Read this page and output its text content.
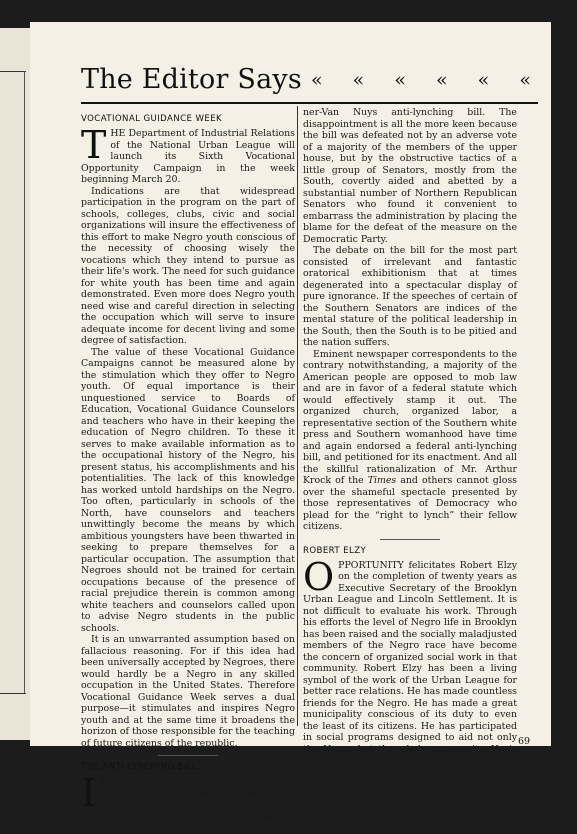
The Editor Says « « « « « «
VOCATIONAL GUIDANCE WEEK

THE Department of Industrial Relations of the National Urban League will launch its Sixth Vocational Opportunity Campaign in the week beginning March 20.

Indications are that widespread participation in the program on the part of schools, colleges, clubs, civic and social organizations will insure the effectiveness of this effort to make Negro youth conscious of the necessity of choosing wisely the vocations which they intend to pursue as their life's work. The need for such guidance for white youth has been time and again demonstrated. Even more does Negro youth need wise and careful direction in selecting the occupation which will serve to insure adequate income for decent living and some degree of satisfaction.

The value of these Vocational Guidance Campaigns cannot be measured alone by the stimulation which they offer to Negro youth. Of equal importance is their unquestioned service to Boards of Education, Vocational Guidance Counselors and teachers who have in their keeping the education of Negro children. To these it serves to make available information as to the occupational history of the Negro, his present status, his accomplishments and his potentialities. The lack of this knowledge has worked untold hardships on the Negro. Too often, particularly in schools of the North, have counselors and teachers unwittingly become the means by which ambitious youngsters have been thwarted in seeking to prepare themselves for a particular occupation. The assumption that Negroes should not be trained for certain occupations because of the presence of racial prejudice therein is common among white teachers and counselors called upon to advise Negro students in the public schools.

It is an unwarranted assumption based on fallacious reasoning. For if this idea had been universally accepted by Negroes, there would hardly be a Negro in any skilled occupation in the United States. Therefore Vocational Guidance Week serves a dual purpose—it stimulates and inspires Negro youth and at the same time it broadens the horizon of those responsible for the teaching of future citizens of the republic.

THE ANTI-LYNCHING BILL

I T would do no good to attempt to conceal the disappointment which great numbers of Americans, both black and white, feel over the failure of the Senate to pass the Wag-

ner-Van Nuys anti-lynching bill. The disappointment is all the more keen because the bill was defeated not by an adverse vote of a majority of the members of the upper house, but by the obstructive tactics of a little group of Senators, mostly from the South, covertly aided and abetted by a substantial number of Northern Republican Senators who found it convenient to embarrass the administration by placing the blame for the defeat of the measure on the Democratic Party.

The debate on the bill for the most part consisted of irrelevant and fantastic oratorical exhibitionism that at times degenerated into a spectacular display of pure ignorance. If the speeches of certain of the Southern Senators are indices of the mental stature of the political leadership in the South, then the South is to be pitied and the nation suffers.

Eminent newspaper correspondents to the contrary notwithstanding, a majority of the American people are opposed to mob law and are in favor of a federal statute which would effectively stamp it out. The organized church, organized labor, a representative section of the Southern white press and Southern womanhood have time and again endorsed a federal anti-lynching bill, and petitioned for its enactment. And all the skillful rationalization of Mr. Arthur Krock of the Times and others cannot gloss over the shameful spectacle presented by those representatives of Democracy who plead for the “right to lynch” their fellow citizens.

ROBERT ELZY

OPPORTUNITY felicitates Robert Elzy on the completion of twenty years as Executive Secretary of the Brooklyn Urban League and Lincoln Settlement. It is not difficult to evaluate his work. Through his efforts the level of Negro life in Brooklyn has been raised and the socially maladjusted members of the Negro race have become the concern of organized social work in that community. Robert Elzy has been a living symbol of the work of the Urban League for better race relations. He has made countless friends for the Negro. He has made a great municipality conscious of its duty to even the least of its citizens. He has participated in social programs designed to aid not only the Negro but the whole community. He is more than an efficient Urban League executive. He is an uncommon individual who has made a singular contribution to his race, his city and his country.

69
